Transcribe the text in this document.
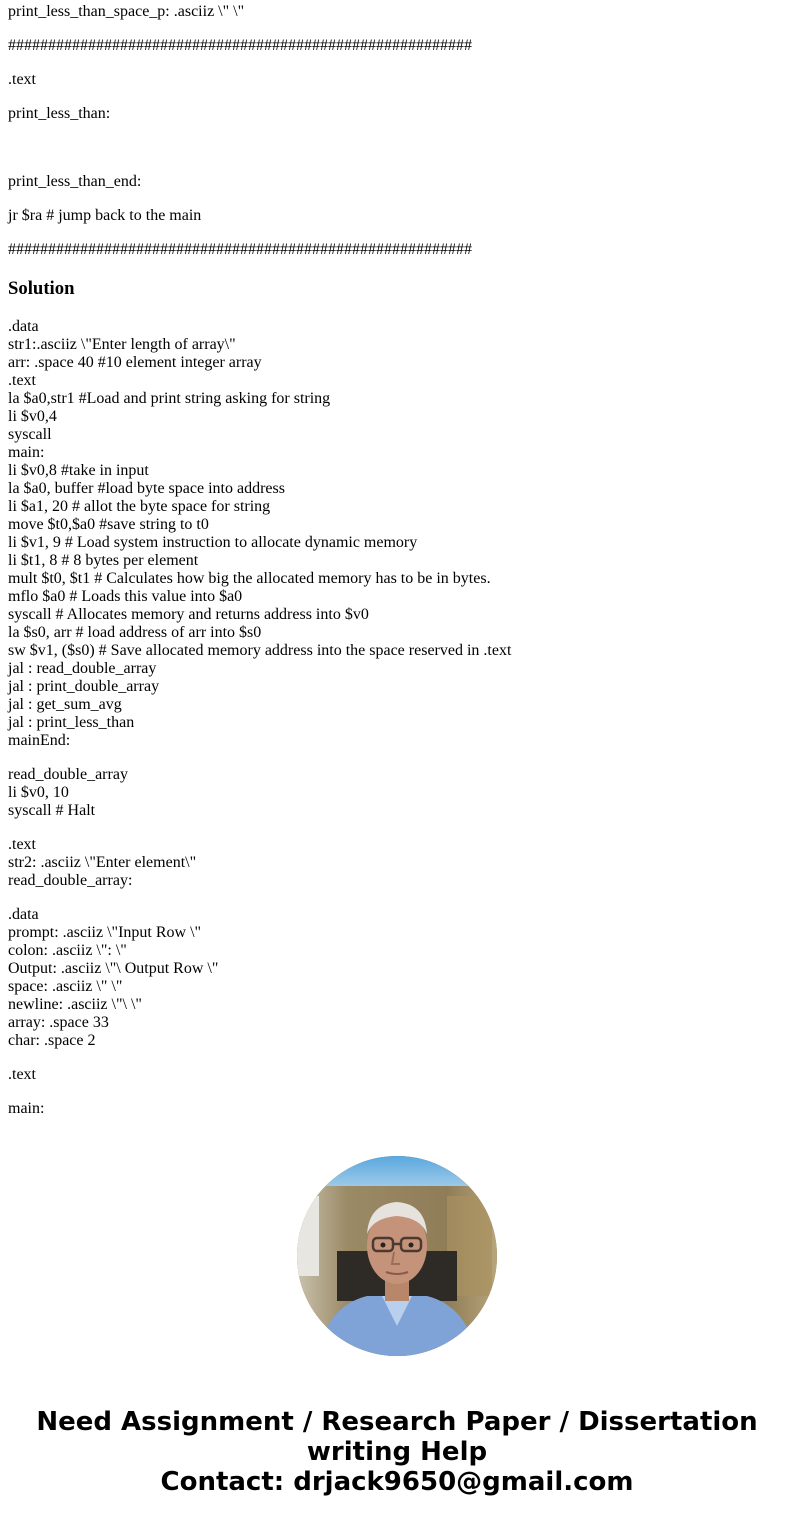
print_less_than_space_p: .asciiz \" \"

##########################################################

.text

print_less_than:

print_less_than_end:

jr $ra # jump back to the main

##########################################################

Solution
.data
str1:.asciiz \"Enter length of array\"
arr: .space 40 #10 element integer array
.text
la $a0,str1 #Load and print string asking for string
li $v0,4
syscall
main:
li $v0,8 #take in input
la $a0, buffer #load byte space into address
li $a1, 20 # allot the byte space for string
move $t0,$a0 #save string to t0
li $v1, 9 # Load system instruction to allocate dynamic memory
li $t1, 8 # 8 bytes per element
mult $t0, $t1 # Calculates how big the allocated memory has to be in bytes.
mflo $a0 # Loads this value into $a0
syscall # Allocates memory and returns address into $v0
la $s0, arr # load address of arr into $s0
sw $v1, ($s0) # Save allocated memory address into the space reserved in .text
jal : read_double_array
jal : print_double_array
jal : get_sum_avg
jal : print_less_than
mainEnd:
read_double_array
li $v0, 10
syscall # Halt
.text
str2: .asciiz \"Enter element\"
read_double_array:
.data
prompt: .asciiz \"Input Row \"
colon: .asciiz \": \"
Output: .asciiz \"\ Output Row \"
space: .asciiz \" \"
newline: .asciiz \"\ \"
array: .space 33
char: .space 2
.text
main:
Need Assignment / Research Paper / Dissertation
writing Help
Contact: drjack9650@gmail.com
